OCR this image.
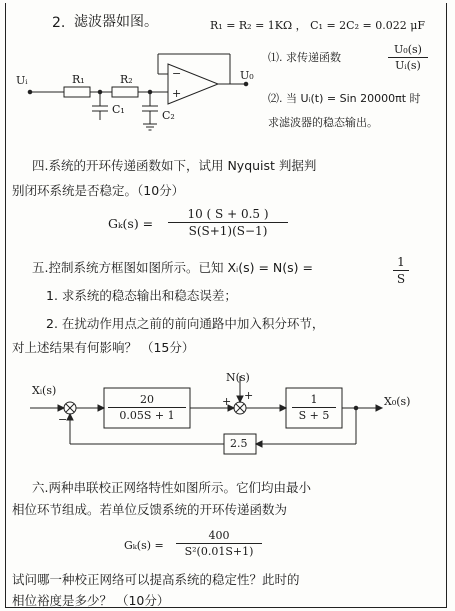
2. 滤波器如图。	R₁ = R₂ = 1KΩ ， C₁ = 2C₂ = 0.022 μF
⑴. 求传递函数
U₀(s)
Uᵢ(s)
⑵. 当 Uᵢ(t) = Sin 20000πt 时
求滤波器的稳态输出。
Uᵢ	R₁	R₂
C₁	C₂
U₀
−
+
四.系统的开环传递函数如下，试用 Nyquist 判据判
别闭环系统是否稳定。（10分）
Gₖ(s) =
10 ( S + 0.5 )
S(S+1)(S−1)
五.控制系统方框图如图所示。已知 Xᵢ(s) = N(s) =	1
S
1. 求系统的稳态输出和稳态误差；
2. 在扰动作用点之前的前向通路中加入积分环节，
对上述结果有何影响？ （15分）
Xᵢ(s)
−
20
0.05S + 1
N(s)
+
+	1
S + 5
X₀(s)
2.5
六.两种串联校正网络特性如图所示。它们均由最小
相位环节组成。若单位反馈系统的开环传递函数为
Gₖ(s) =
400
S²(0.01S+1)
试问哪一种校正网络可以提高系统的稳定性？此时的
相位裕度是多少？ （10分）
